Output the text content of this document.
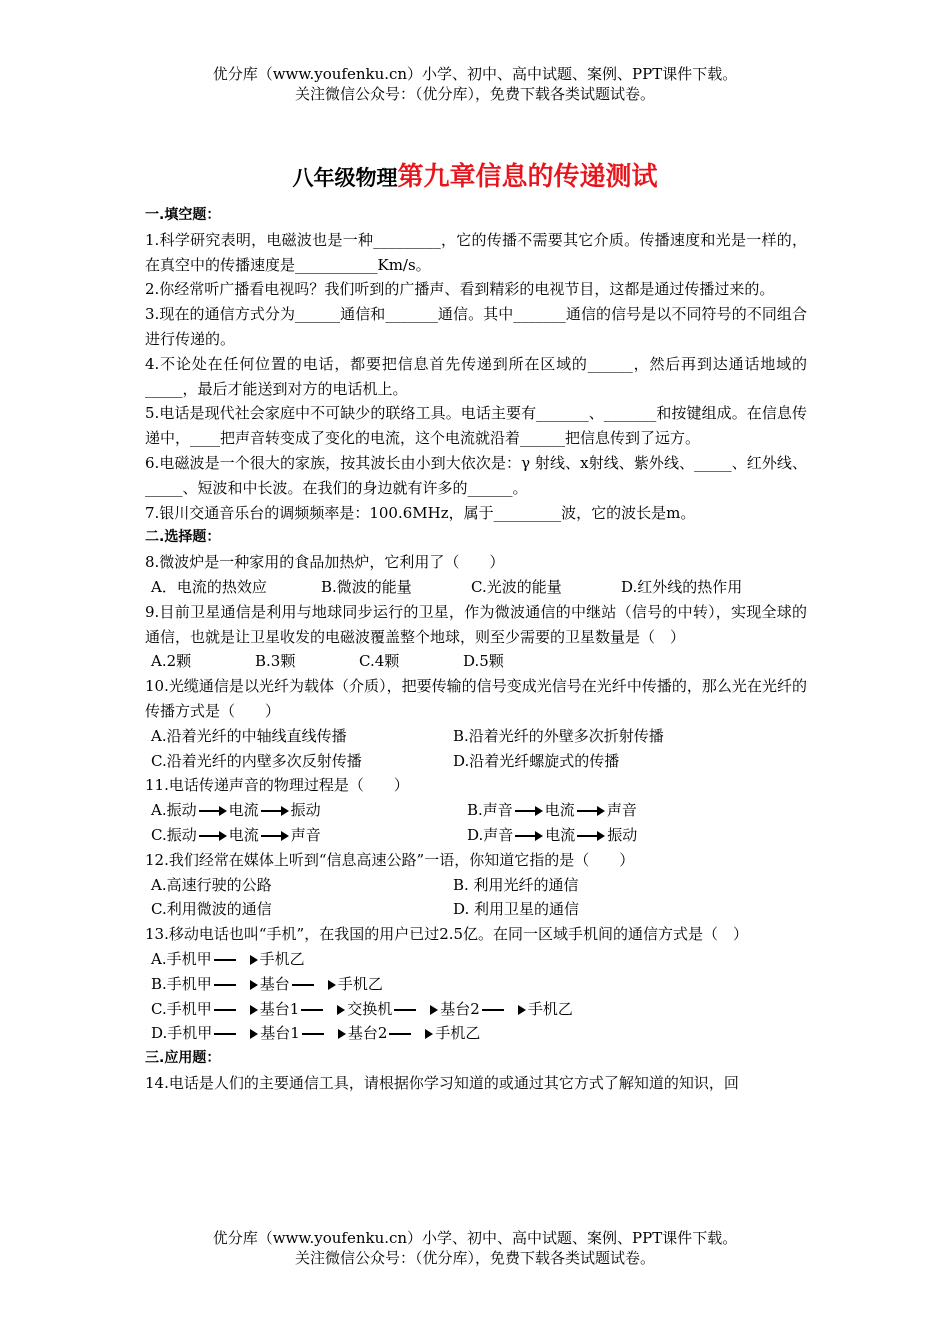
优分库（www.youfenku.cn）小学、初中、高中试题、案例、PPT课件下载。
关注微信公众号：（优分库），免费下载各类试题试卷。
八年级物理第九章信息的传递测试
一.填空题：

1.科学研究表明，电磁波也是一种_________，它的传播不需要其它介质。传播速度和光是一样的，在真空中的传播速度是___________Km/s。

2.你经常听广播看电视吗？我们听到的广播声、看到精彩的电视节目，这都是通过传播过来的。

3.现在的通信方式分为______通信和_______通信。其中_______通信的信号是以不同符号的不同组合进行传递的。

4.不论处在任何位置的电话，都要把信息首先传递到所在区域的______，然后再到达通话地域的_____，最后才能送到对方的电话机上。

5.电话是现代社会家庭中不可缺少的联络工具。电话主要有_______、_______和按键组成。在信息传递中，____把声音转变成了变化的电流，这个电流就沿着______把信息传到了远方。

6.电磁波是一个很大的家族，按其波长由小到大依次是：γ 射线、x射线、紫外线、_____、红外线、_____、短波和中长波。在我们的身边就有许多的______。

7.银川交通音乐台的调频频率是：100.6MHz，属于_________波，它的波长是m。

二.选择题：

8.微波炉是一种家用的食品加热炉，它利用了（　　）

A．电流的热效应	B.微波的能量	C.光波的能量	D.红外线的热作用

9.目前卫星通信是利用与地球同步运行的卫星，作为微波通信的中继站（信号的中转），实现全球的通信，也就是让卫星收发的电磁波覆盖整个地球，则至少需要的卫星数量是（　）

A.2颗	B.3颗	C.4颗	D.5颗

10.光缆通信是以光纤为载体（介质），把要传输的信号变成光信号在光纤中传播的，那么光在光纤的传播方式是（　　）

A.沿着光纤的中轴线直线传播	B.沿着光纤的外壁多次折射传播
C.沿着光纤的内壁多次反射传播	D.沿着光纤螺旋式的传播

11.电话传递声音的物理过程是（　　）

A.振动 电流 振动	B.声音 电流 声音
C.振动 电流 声音	D.声音 电流 振动

12.我们经常在媒体上听到“信息高速公路”一语，你知道它指的是（　　）

A.高速行驶的公路	B. 利用光纤的通信
C.利用微波的通信	D. 利用卫星的通信

13.移动电话也叫“手机”，在我国的用户已过2.5亿。在同一区域手机间的通信方式是（　）

A.手机甲	手机乙
B.手机甲	基台	手机乙
C.手机甲	基台1	交换机	基台2	手机乙
D.手机甲	基台1	基台2	手机乙
三.应用题：

14.电话是人们的主要通信工具，请根据你学习知道的或通过其它方式了解知道的知识，回

优分库（www.youfenku.cn）小学、初中、高中试题、案例、PPT课件下载。
关注微信公众号：（优分库），免费下载各类试题试卷。
